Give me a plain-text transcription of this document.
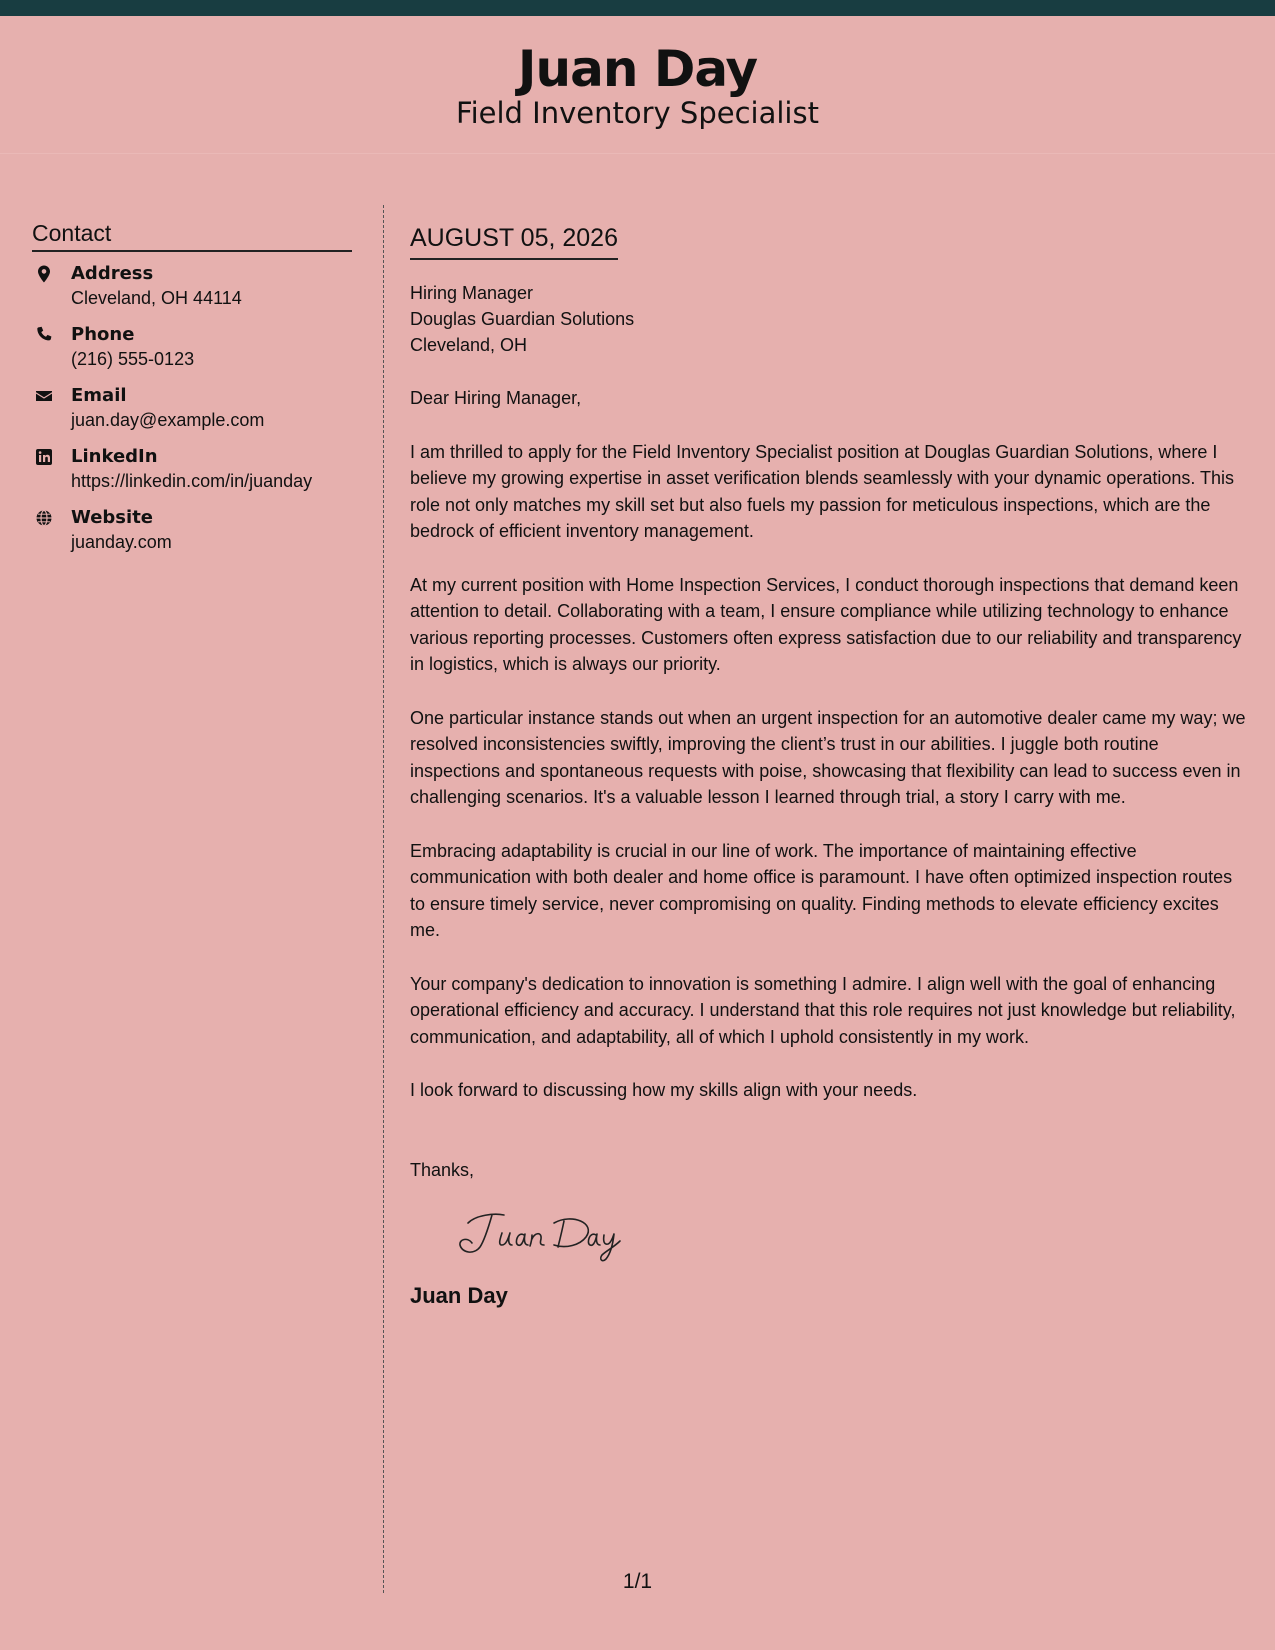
Juan Day
Field Inventory Specialist
Contact
Address
Cleveland, OH 44114
Phone
(216) 555-0123
Email
juan.day@example.com
LinkedIn
https://linkedin.com/in/juanday
Website
juanday.com
AUGUST 05, 2026
Hiring Manager
Douglas Guardian Solutions
Cleveland, OH
Dear Hiring Manager,

I am thrilled to apply for the Field Inventory Specialist position at Douglas Guardian Solutions, where I believe my growing expertise in asset verification blends seamlessly with your dynamic operations. This role not only matches my skill set but also fuels my passion for meticulous inspections, which are the bedrock of efficient inventory management.

At my current position with Home Inspection Services, I conduct thorough inspections that demand keen attention to detail. Collaborating with a team, I ensure compliance while utilizing technology to enhance various reporting processes. Customers often express satisfaction due to our reliability and transparency in logistics, which is always our priority.

One particular instance stands out when an urgent inspection for an automotive dealer came my way; we resolved inconsistencies swiftly, improving the client’s trust in our abilities. I juggle both routine inspections and spontaneous requests with poise, showcasing that flexibility can lead to success even in challenging scenarios. It's a valuable lesson I learned through trial, a story I carry with me.

Embracing adaptability is crucial in our line of work. The importance of maintaining effective communication with both dealer and home office is paramount. I have often optimized inspection routes to ensure timely service, never compromising on quality. Finding methods to elevate efficiency excites me.

Your company's dedication to innovation is something I admire. I align well with the goal of enhancing operational efficiency and accuracy. I understand that this role requires not just knowledge but reliability, communication, and adaptability, all of which I uphold consistently in my work.

I look forward to discussing how my skills align with your needs.

Thanks,
Juan Day
1/1
